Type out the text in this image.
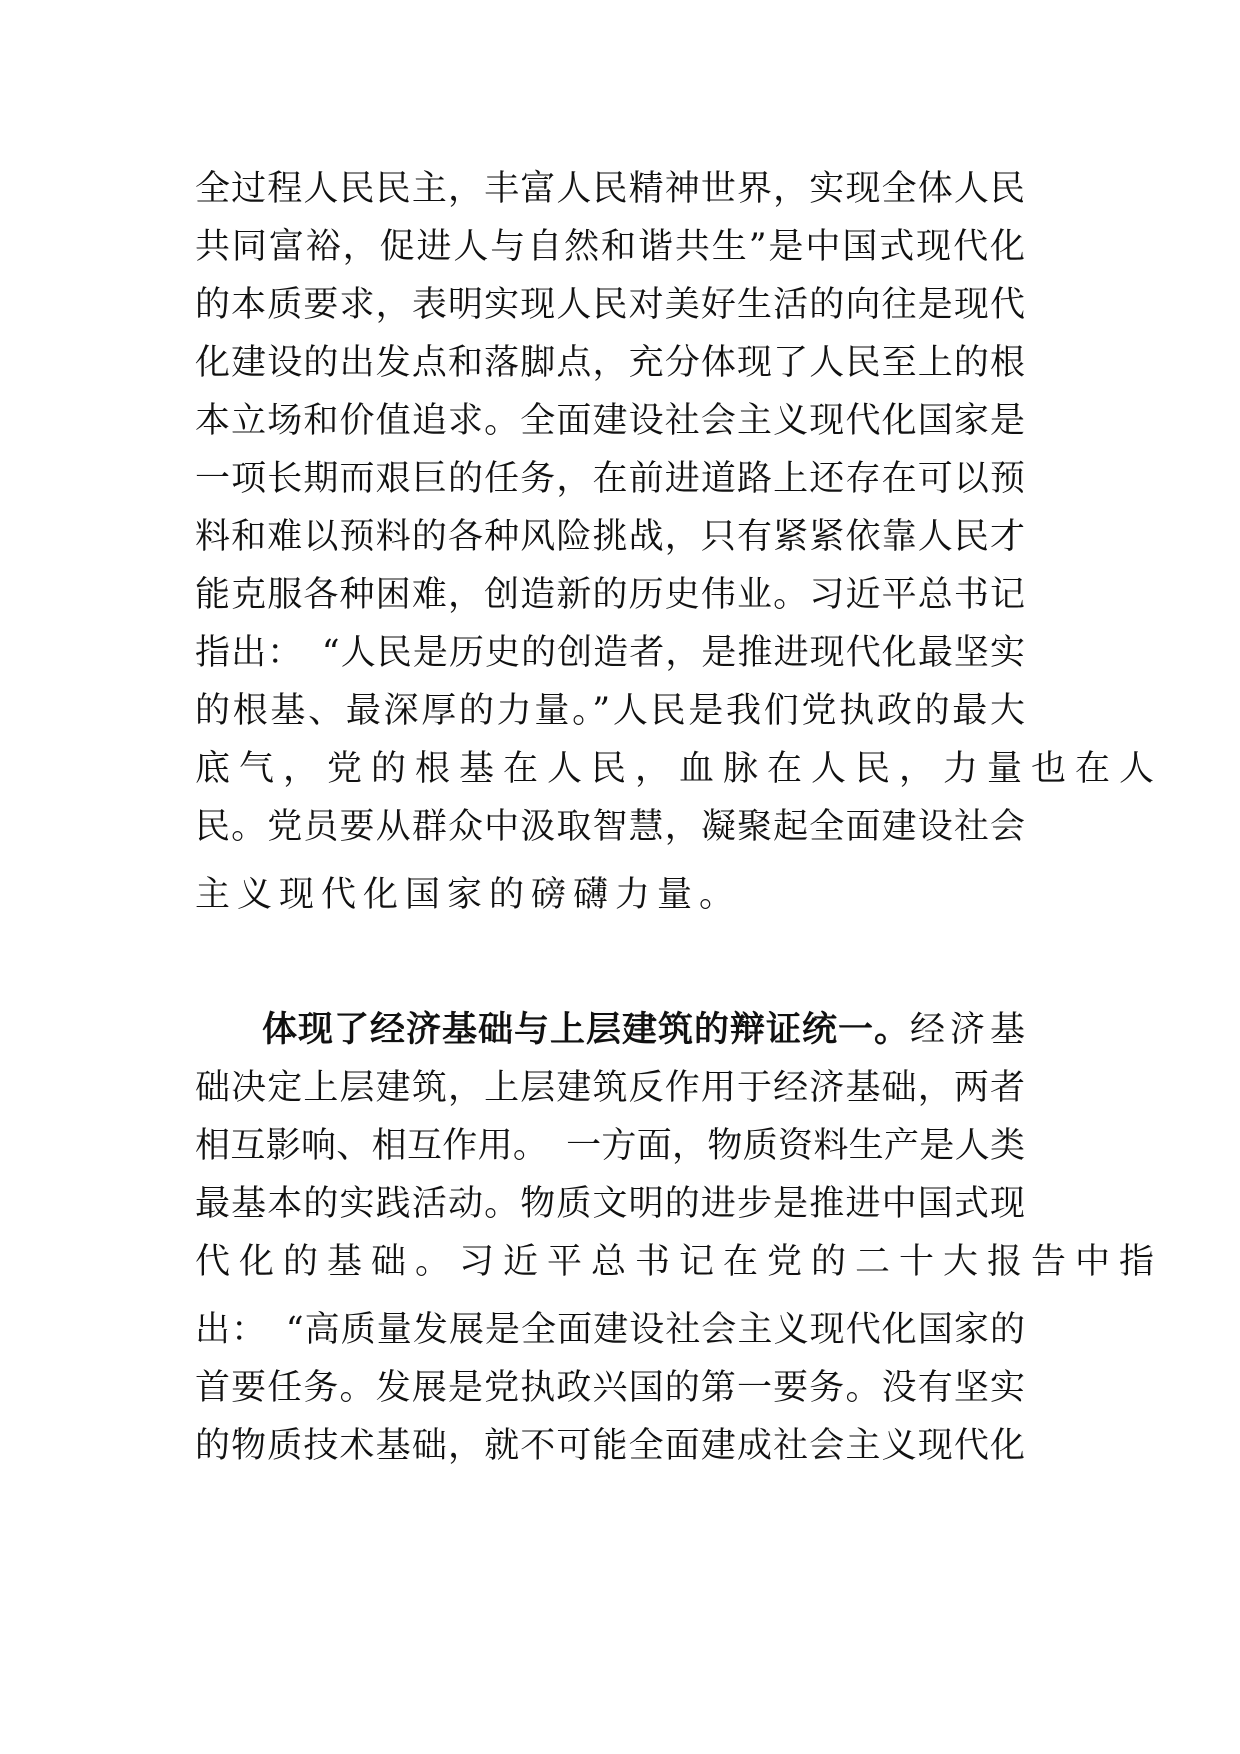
全过程人民民主，丰富人民精神世界，实现全体人民
共同富裕，促进人与自然和谐共生”是中国式现代化
的本质要求，表明实现人民对美好生活的向往是现代
化建设的出发点和落脚点，充分体现了人民至上的根
本立场和价值追求。全面建设社会主义现代化国家是
一项长期而艰巨的任务，在前进道路上还存在可以预
料和难以预料的各种风险挑战，只有紧紧依靠人民才
能克服各种困难，创造新的历史伟业。习近平总书记
指出：　“人民是历史的创造者，是推进现代化最坚实
的根基、最深厚的力量。”人民是我们党执政的最大
底气，党的根基在人民，血脉在人民，力量也在人
民。党员要从群众中汲取智慧，凝聚起全面建设社会
主义现代化国家的磅礴力量。
体现了经济基础与上层建筑的辩证统一。经济基
础决定上层建筑，上层建筑反作用于经济基础，两者
相互影响、相互作用。　一方面，物质资料生产是人类
最基本的实践活动。物质文明的进步是推进中国式现
代化的基础。习近平总书记在党的二十大报告中指
出：　“高质量发展是全面建设社会主义现代化国家的
首要任务。发展是党执政兴国的第一要务。没有坚实
的物质技术基础，就不可能全面建成社会主义现代化
